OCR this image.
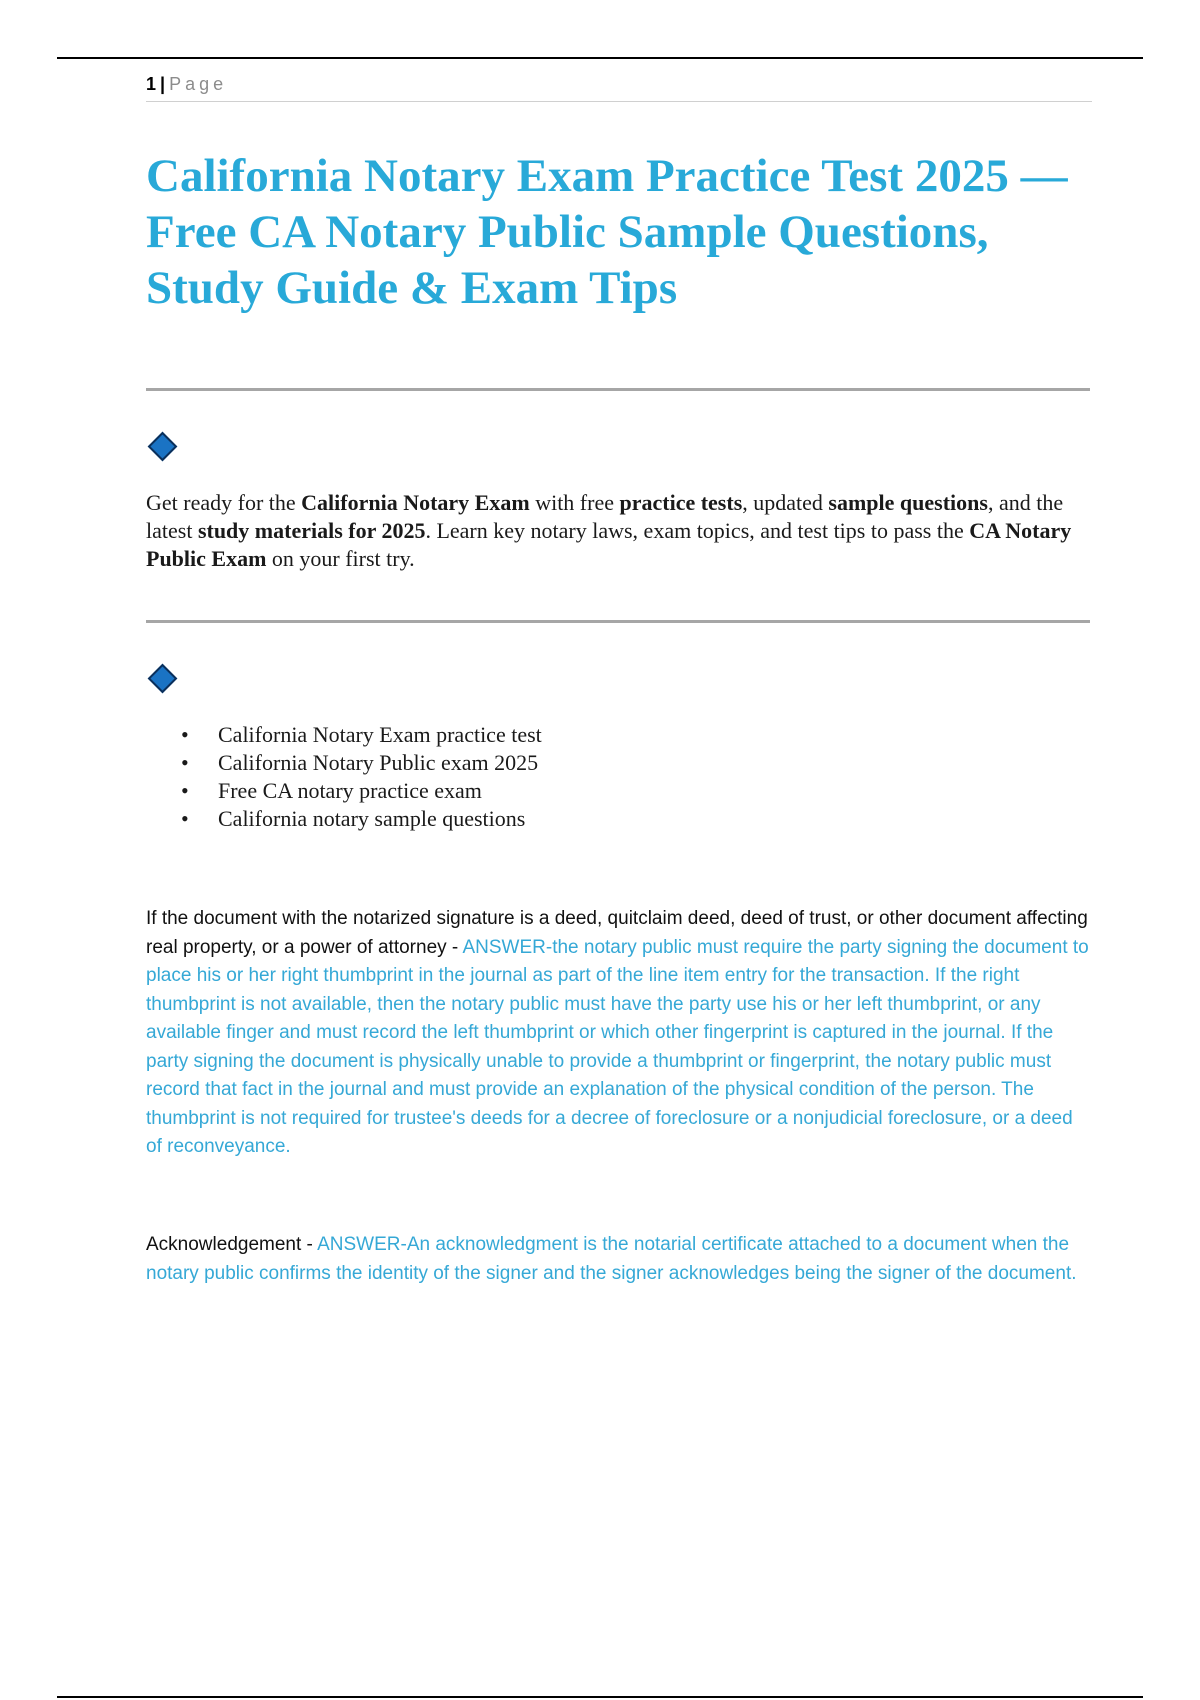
1 | Page
California Notary Exam Practice Test 2025 — Free CA Notary Public Sample Questions, Study Guide & Exam Tips

Get ready for the California Notary Exam with free practice tests, updated sample questions, and the latest study materials for 2025. Learn key notary laws, exam topics, and test tips to pass the CA Notary Public Exam on your first try.

• California Notary Exam practice test
• California Notary Public exam 2025
• Free CA notary practice exam
• California notary sample questions

If the document with the notarized signature is a deed, quitclaim deed, deed of trust, or other document affecting real property, or a power of attorney - ANSWER-the notary public must require the party signing the document to place his or her right thumbprint in the journal as part of the line item entry for the transaction. If the right thumbprint is not available, then the notary public must have the party use his or her left thumbprint, or any available finger and must record the left thumbprint or which other fingerprint is captured in the journal. If the party signing the document is physically unable to provide a thumbprint or fingerprint, the notary public must record that fact in the journal and must provide an explanation of the physical condition of the person. The thumbprint is not required for trustee's deeds for a decree of foreclosure or a nonjudicial foreclosure, or a deed of reconveyance.

Acknowledgement - ANSWER-An acknowledgment is the notarial certificate attached to a document when the notary public confirms the identity of the signer and the signer acknowledges being the signer of the document.
